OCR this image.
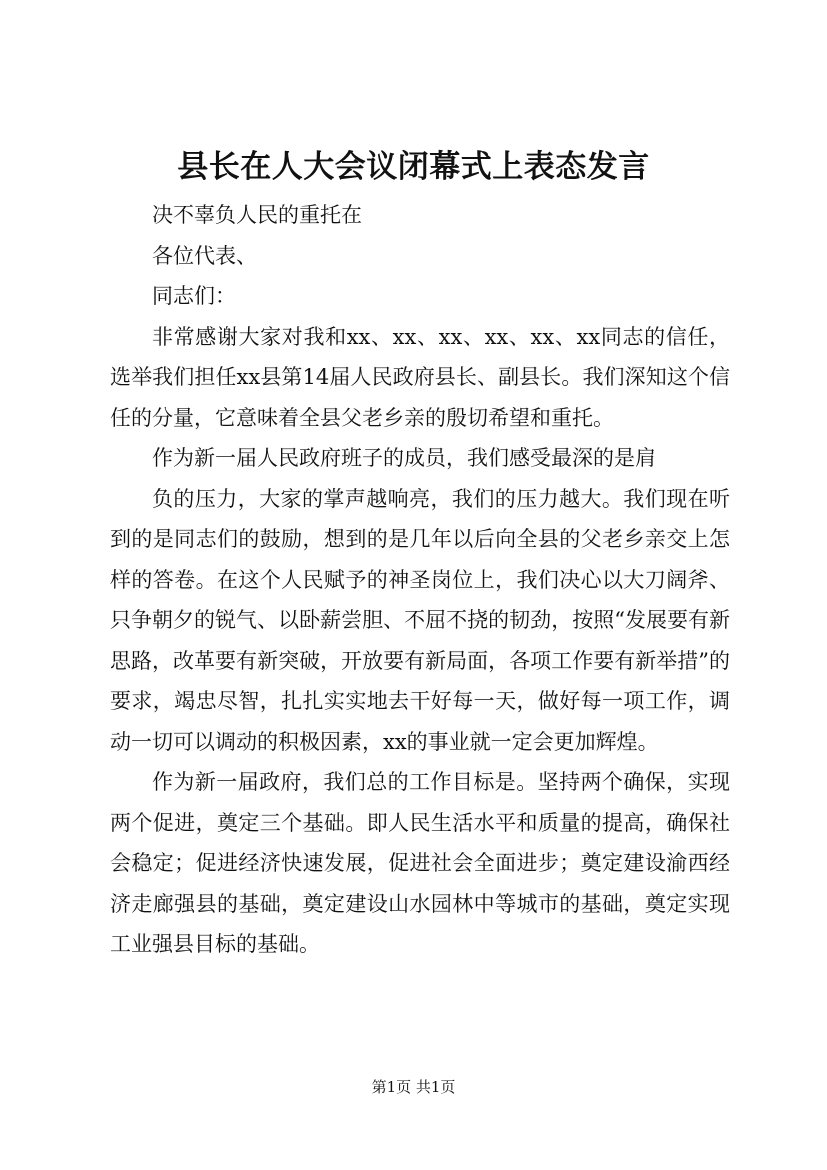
县长在人大会议闭幕式上表态发言

决不辜负人民的重托在

各位代表、

同志们：

非常感谢大家对我和xx、xx、xx、xx、xx、xx同志的信任，选举我们担任xx县第14届人民政府县长、副县长。我们深知这个信任的分量，它意味着全县父老乡亲的殷切希望和重托。

作为新一届人民政府班子的成员，我们感受最深的是肩

负的压力，大家的掌声越响亮，我们的压力越大。我们现在听到的是同志们的鼓励，想到的是几年以后向全县的父老乡亲交上怎样的答卷。在这个人民赋予的神圣岗位上，我们决心以大刀阔斧、只争朝夕的锐气、以卧薪尝胆、不屈不挠的韧劲，按照“发展要有新思路，改革要有新突破，开放要有新局面，各项工作要有新举措”的要求，竭忠尽智，扎扎实实地去干好每一天，做好每一项工作，调动一切可以调动的积极因素，xx的事业就一定会更加辉煌。

作为新一届政府，我们总的工作目标是。坚持两个确保，实现两个促进，奠定三个基础。即人民生活水平和质量的提高，确保社会稳定；促进经济快速发展，促进社会全面进步；奠定建设渝西经济走廊强县的基础，奠定建设山水园林中等城市的基础，奠定实现工业强县目标的基础。

第1页 共1页
